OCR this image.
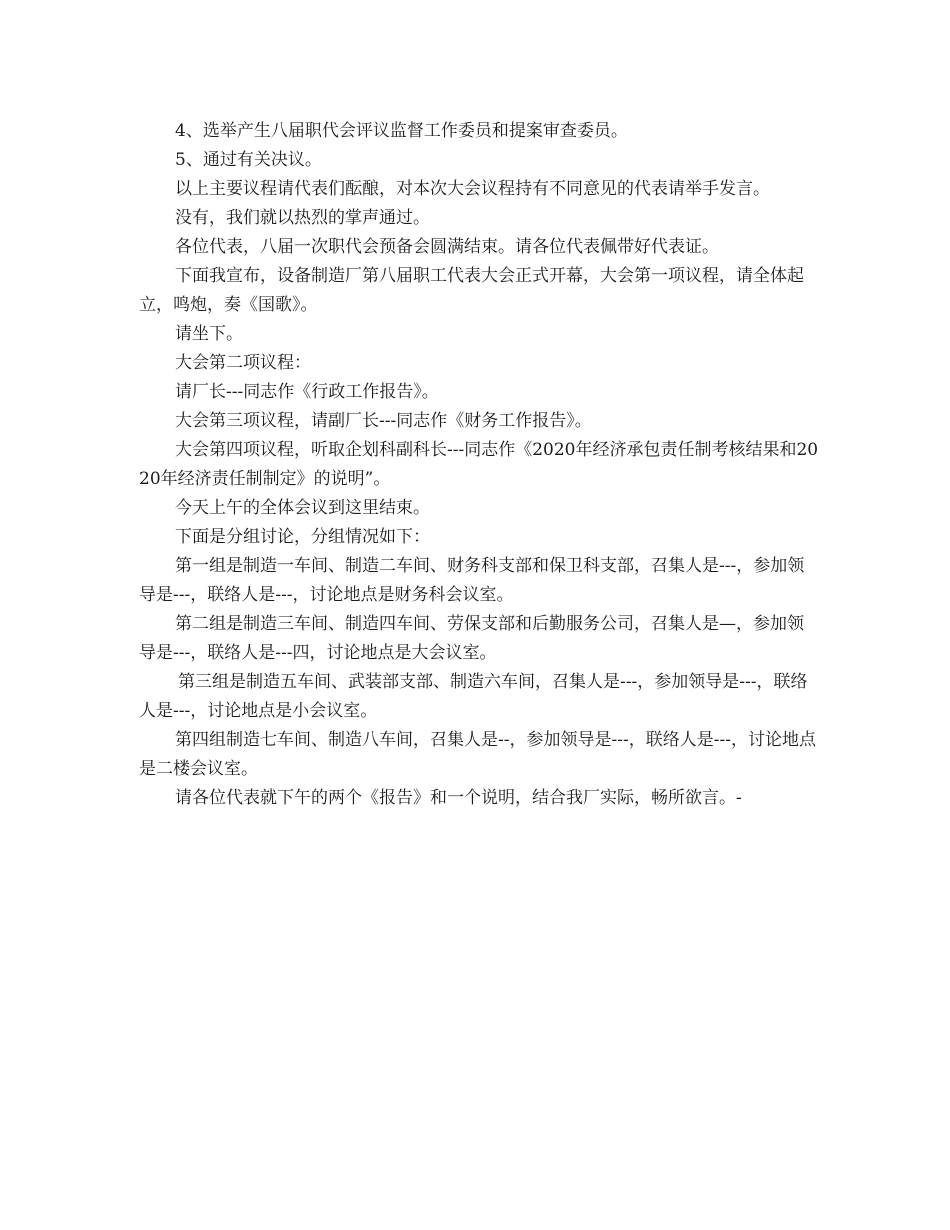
4、选举产生八届职代会评议监督工作委员和提案审查委员。

5、通过有关决议。

以上主要议程请代表们酝酿，对本次大会议程持有不同意见的代表请举手发言。

没有，我们就以热烈的掌声通过。

各位代表，八届一次职代会预备会圆满结束。请各位代表佩带好代表证。

下面我宣布，设备制造厂第八届职工代表大会正式开幕，大会第一项议程，请全体起立，鸣炮，奏《国歌》。

请坐下。

大会第二项议程：

请厂长---同志作《行政工作报告》。

大会第三项议程，请副厂长---同志作《财务工作报告》。

大会第四项议程，听取企划科副科长---同志作《2020年经济承包责任制考核结果和2020年经济责任制制定》的说明”。

今天上午的全体会议到这里结束。

下面是分组讨论，分组情况如下：

第一组是制造一车间、制造二车间、财务科支部和保卫科支部，召集人是---，参加领导是---，联络人是---，讨论地点是财务科会议室。

第二组是制造三车间、制造四车间、劳保支部和后勤服务公司，召集人是—，参加领导是---，联络人是---四，讨论地点是大会议室。

第三组是制造五车间、武装部支部、制造六车间，召集人是---，参加领导是---，联络人是---，讨论地点是小会议室。

第四组制造七车间、制造八车间，召集人是--，参加领导是---，联络人是---，讨论地点是二楼会议室。

请各位代表就下午的两个《报告》和一个说明，结合我厂实际，畅所欲言。-
